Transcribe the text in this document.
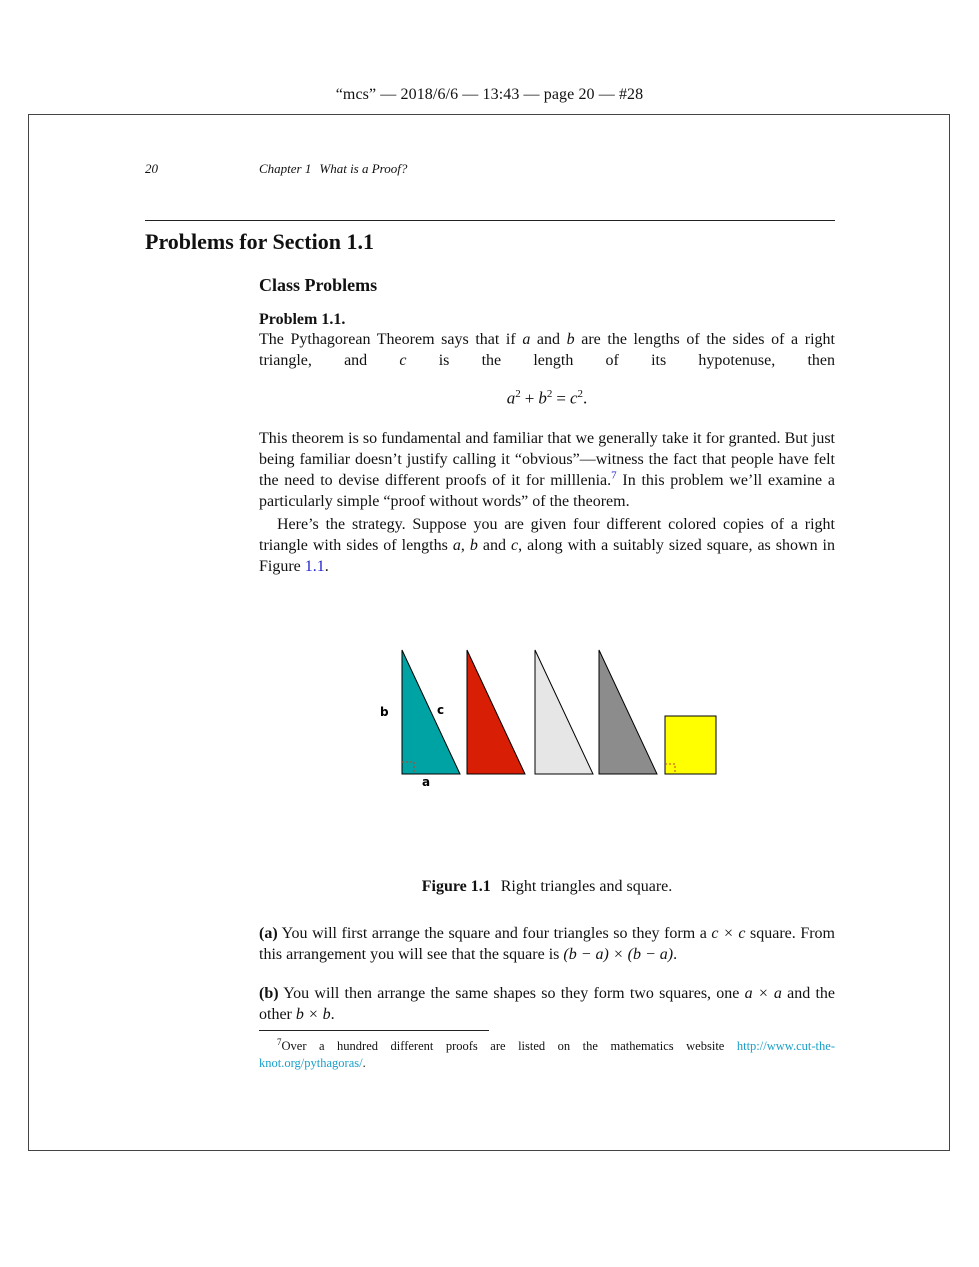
“mcs” — 2018/6/6 — 13:43 — page 20 — #28
20	Chapter 1 What is a Proof?
Problems for Section 1.1
Class Problems
Problem 1.1.
The Pythagorean Theorem says that if a and b are the lengths of the sides of a right triangle, and c is the length of its hypotenuse, then
$a^2 + b^2 = c^2$.
This theorem is so fundamental and familiar that we generally take it for granted. But just being familiar doesn’t justify calling it “obvious”—witness the fact that people have felt the need to devise different proofs of it for milllenia.$^7$ In this problem we’ll examine a particularly simple “proof without words” of the theorem.
Here’s the strategy. Suppose you are given four different colored copies of a right triangle with sides of lengths a, b and c, along with a suitably sized square, as shown in Figure 1.1.
b	c
a
Figure 1.1 Right triangles and square.
(a) You will first arrange the square and four triangles so they form a c × c square. From this arrangement you will see that the square is (b − a) × (b − a).
(b) You will then arrange the same shapes so they form two squares, one a × a and the other b × b.
$^7$Over a hundred different proofs are listed on the mathematics website http://www.cut-the-knot.org/pythagoras/.
